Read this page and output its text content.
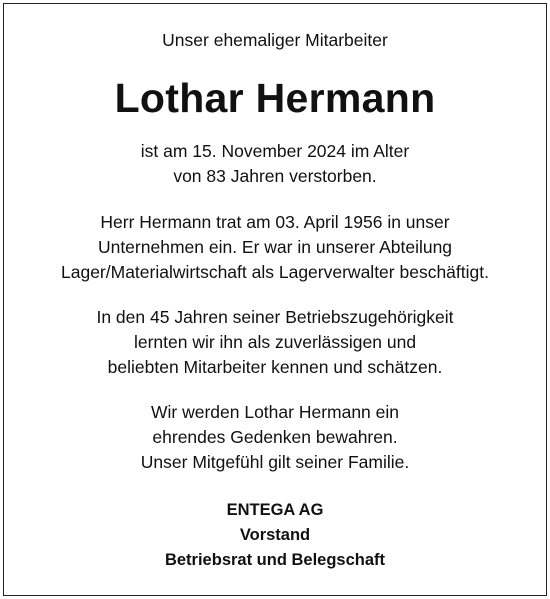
Unser ehemaliger Mitarbeiter
Lothar Hermann
ist am 15. November 2024 im Alter
von 83 Jahren verstorben.
Herr Hermann trat am 03. April 1956 in unser
Unternehmen ein. Er war in unserer Abteilung
Lager/Materialwirtschaft als Lagerverwalter beschäftigt.
In den 45 Jahren seiner Betriebszugehörigkeit
lernten wir ihn als zuverlässigen und
beliebten Mitarbeiter kennen und schätzen.
Wir werden Lothar Hermann ein
ehrendes Gedenken bewahren.
Unser Mitgefühl gilt seiner Familie.
ENTEGA AG
Vorstand
Betriebsrat und Belegschaft
